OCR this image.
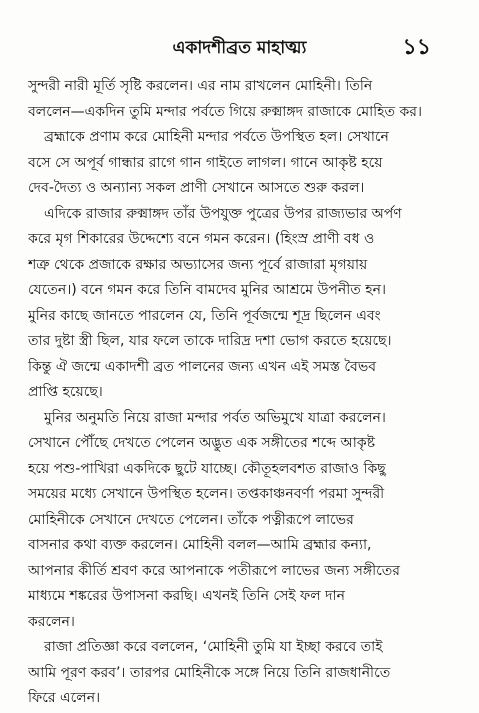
একাদশীব্রত মাহাত্ম্য	১১
সুন্দরী নারী মূর্তি সৃষ্টি করলেন। এর নাম রাখলেন মোহিনী। তিনি
বললেন—একদিন তুমি মন্দার পর্বতে গিয়ে রুক্মাঙ্গদ রাজাকে মোহিত কর।
ব্রহ্মাকে প্রণাম করে মোহিনী মন্দার পর্বতে উপস্থিত হল। সেখানে
বসে সে অপূর্ব গান্ধার রাগে গান গাইতে লাগল। গানে আকৃষ্ট হয়ে
দেব-দৈত্য ও অন্যান্য সকল প্রাণী সেখানে আসতে শুরু করল।
এদিকে রাজার রুক্মাঙ্গদ তাঁর উপযুক্ত পুত্রের উপর রাজ্যভার অর্পণ
করে মৃগ শিকারের উদ্দেশ্যে বনে গমন করেন। (হিংস্র প্রাণী বধ ও
শত্রু থেকে প্রজাকে রক্ষার অভ্যাসের জন্য পূর্বে রাজারা মৃগয়ায়
যেতেন।) বনে গমন করে তিনি বামদেব মুনির আশ্রমে উপনীত হন।
মুনির কাছে জানতে পারলেন যে, তিনি পূর্বজন্মে শূদ্র ছিলেন এবং
তার দুষ্টা স্ত্রী ছিল, যার ফলে তাকে দারিদ্র দশা ভোগ করতে হয়েছে।
কিন্তু ঐ জন্মে একাদশী ব্রত পালনের জন্য এখন এই সমস্ত বৈভব
প্রাপ্তি হয়েছে।
মুনির অনুমতি নিয়ে রাজা মন্দার পর্বত অভিমুখে যাত্রা করলেন।
সেখানে পৌঁছে দেখতে পেলেন অদ্ভুত এক সঙ্গীতের শব্দে আকৃষ্ট
হয়ে পশু-পাখিরা একদিকে ছুটে যাচ্ছে। কৌতূহলবশত রাজাও কিছু
সময়ের মধ্যে সেখানে উপস্থিত হলেন। তপ্তকাঞ্চনবর্ণা পরমা সুন্দরী
মোহিনীকে সেখানে দেখতে পেলেন। তাঁকে পত্নীরূপে লাভের
বাসনার কথা ব্যক্ত করলেন। মোহিনী বলল—আমি ব্রহ্মার কন্যা,
আপনার কীর্তি শ্রবণ করে আপনাকে পতীরূপে লাভের জন্য সঙ্গীতের
মাধ্যমে শঙ্করের উপাসনা করছি। এখনই তিনি সেই ফল দান
করলেন।
রাজা প্রতিজ্ঞা করে বললেন, ‘মোহিনী তুমি যা ইচ্ছা করবে তাই
আমি পূরণ করব’। তারপর মোহিনীকে সঙ্গে নিয়ে তিনি রাজধানীতে
ফিরে এলেন।
